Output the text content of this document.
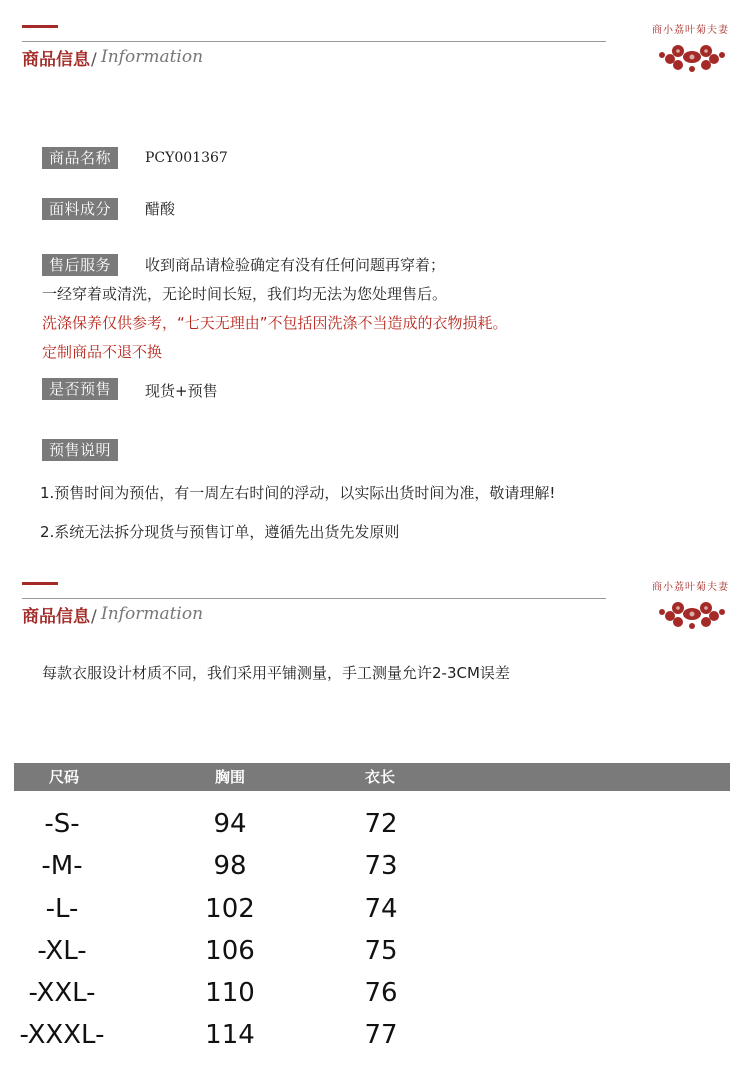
商品信息/ Information
商小荔叶菊夫妻
商品名称	PCY001367
面料成分	醋酸
售后服务	收到商品请检验确定有没有任何问题再穿着；
一经穿着或清洗，无论时间长短，我们均无法为您处理售后。
洗涤保养仅供参考，“七天无理由”不包括因洗涤不当造成的衣物损耗。
定制商品不退不换
是否预售	现货+预售
预售说明
1.预售时间为预估，有一周左右时间的浮动，以实际出货时间为准，敬请理解!
2.系统无法拆分现货与预售订单，遵循先出货先发原则
商品信息/ Information
商小荔叶菊夫妻
每款衣服设计材质不同，我们采用平铺测量，手工测量允许2-3CM误差
尺码	胸围	衣长
-S-	94	72
-M-	98	73
-L-	102	74
-XL-	106	75
-XXL-	110	76
-XXXL-	114	77
